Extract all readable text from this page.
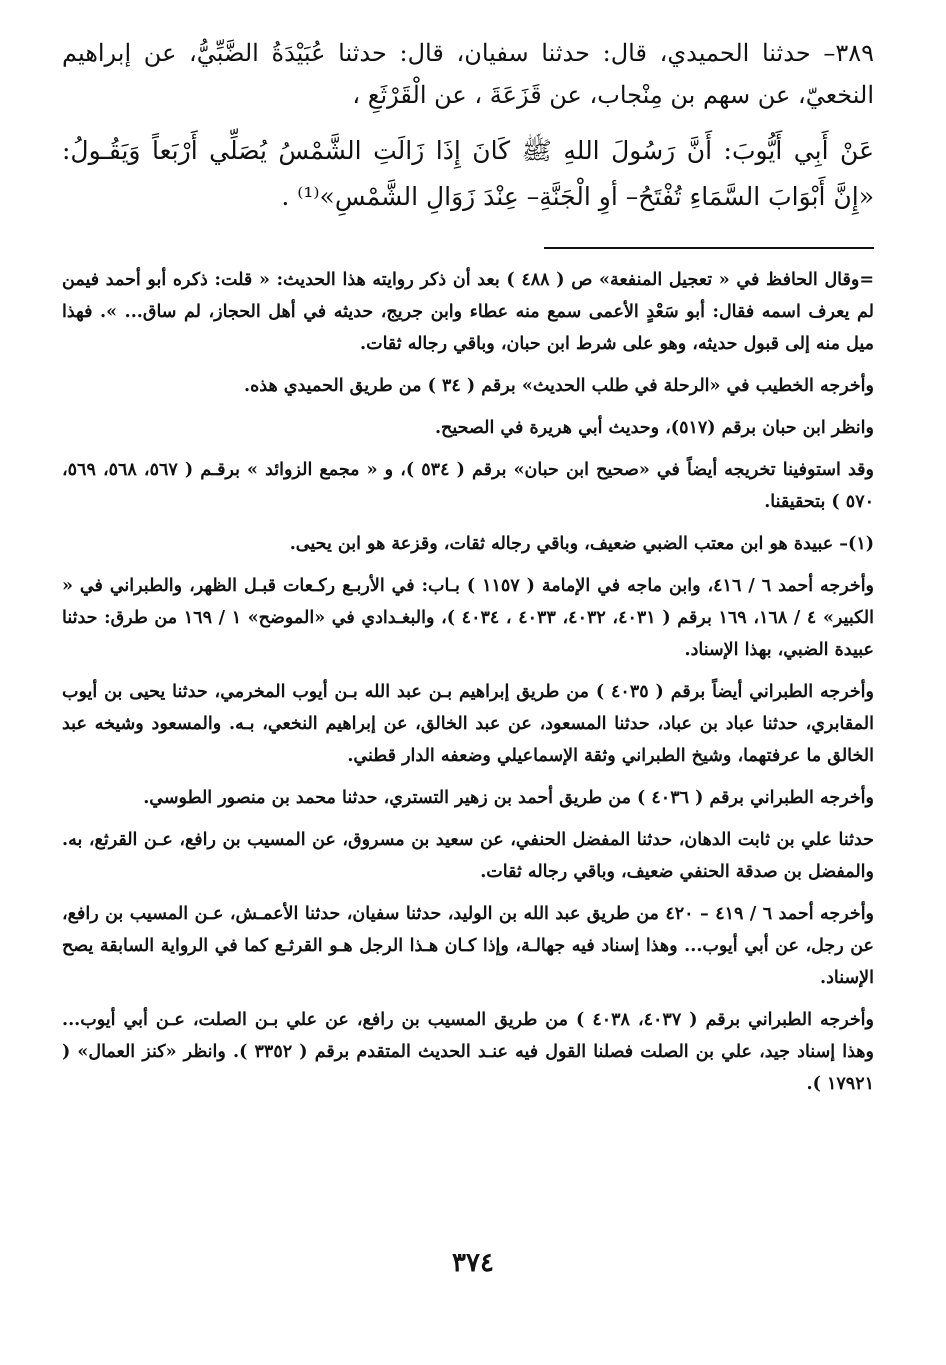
٣٨٩– حدثنا الحميدي، قال: حدثنا سفيان، قال: حدثنا عُبَيْدَةُ الضَّبِّيُّ، عن إبراهيم النخعيّ، عن سهم بن مِنْجاب، عن قَزَعَةَ ، عن الْقَرْثَعِ ،

عَنْ أَبِي أَيُّوبَ: أَنَّ رَسُولَ اللهِ ﷺ كَانَ إِذَا زَالَتِ الشَّمْسُ يُصَلِّي أَرْبَعاً وَيَقُـولُ: «إِنَّ أَبْوَابَ السَّمَاءِ تُفْتَحُ– أوِ الْجَنَّةِ– عِنْدَ زَوَالِ الشَّمْسِ»⁽¹⁾ .

=وقال الحافظ في « تعجيل المنفعة» ص ( ٤٨٨ ) بعد أن ذكر روايته هذا الحديث: « قلت: ذكره أبو أحمد فيمن لم يعرف اسمه فقال: أبو سَعْدٍ الأعمى سمع منه عطاء وابن جريج، حديثه في أهل الحجاز، لم ساق... ». فهذا ميل منه إلى قبول حديثه، وهو على شرط ابن حبان، وباقي رجاله ثقات.

وأخرجه الخطيب في «الرحلة في طلب الحديث» برقم ( ٣٤ ) من طريق الحميدي هذه.

وانظر ابن حبان برقم (٥١٧)، وحديث أبي هريرة في الصحيح.

وقد استوفينا تخريجه أيضاً في «صحيح ابن حبان» برقم ( ٥٣٤ )، و « مجمع الزوائد » برقـم ( ٥٦٧، ٥٦٨، ٥٦٩، ٥٧٠ ) بتحقيقنا.

(١)– عبيدة هو ابن معتب الضبي ضعيف، وباقي رجاله ثقات، وقزعة هو ابن يحيى.

وأخرجه أحمد ٦ / ٤١٦، وابن ماجه في الإمامة ( ١١٥٧ ) بـاب: في الأربـع ركـعات قبـل الظهر، والطبراني في « الكبير» ٤ / ١٦٨، ١٦٩ برقم ( ٤٠٣١، ٤٠٣٢، ٤٠٣٣ ، ٤٠٣٤ )، والبغـدادي في «الموضح» ١ / ١٦٩ من طرق: حدثنا عبيدة الضبي، بهذا الإسناد.

وأخرجه الطبراني أيضاً برقم ( ٤٠٣٥ ) من طريق إبراهيم بـن عبد الله بـن أيوب المخرمي، حدثنا يحيى بن أيوب المقابري، حدثنا عباد بن عباد، حدثنا المسعود، عن عبد الخالق، عن إبراهيم النخعي، بـه. والمسعود وشيخه عبد الخالق ما عرفتهما، وشيخ الطبراني وثقة الإسماعيلي وضعفه الدار قطني.

وأخرجه الطبراني برقم ( ٤٠٣٦ ) من طريق أحمد بن زهير التستري، حدثنا محمد بن منصور الطوسي.

حدثنا علي بن ثابت الدهان، حدثنا المفضل الحنفي، عن سعيد بن مسروق، عن المسيب بن رافع، عـن القرثع، به. والمفضل بن صدقة الحنفي ضعيف، وباقي رجاله ثقات.

وأخرجه أحمد ٦ / ٤١٩ – ٤٢٠ من طريق عبد الله بن الوليد، حدثنا سفيان، حدثنا الأعمـش، عـن المسيب بن رافع، عن رجل، عن أبي أيوب... وهذا إسناد فيه جهالـة، وإذا كـان هـذا الرجل هـو القرثـع كما في الرواية السابقة يصح الإسناد.

وأخرجه الطبراني برقم ( ٤٠٣٧، ٤٠٣٨ ) من طريق المسيب بن رافع، عن علي بـن الصلت، عـن أبي أيوب... وهذا إسناد جيد، علي بن الصلت فصلنا القول فيه عنـد الحديث المتقدم برقم ( ٣٣٥٢ ). وانظر «كنز العمال» ( ١٧٩٢١ ).

٣٧٤
